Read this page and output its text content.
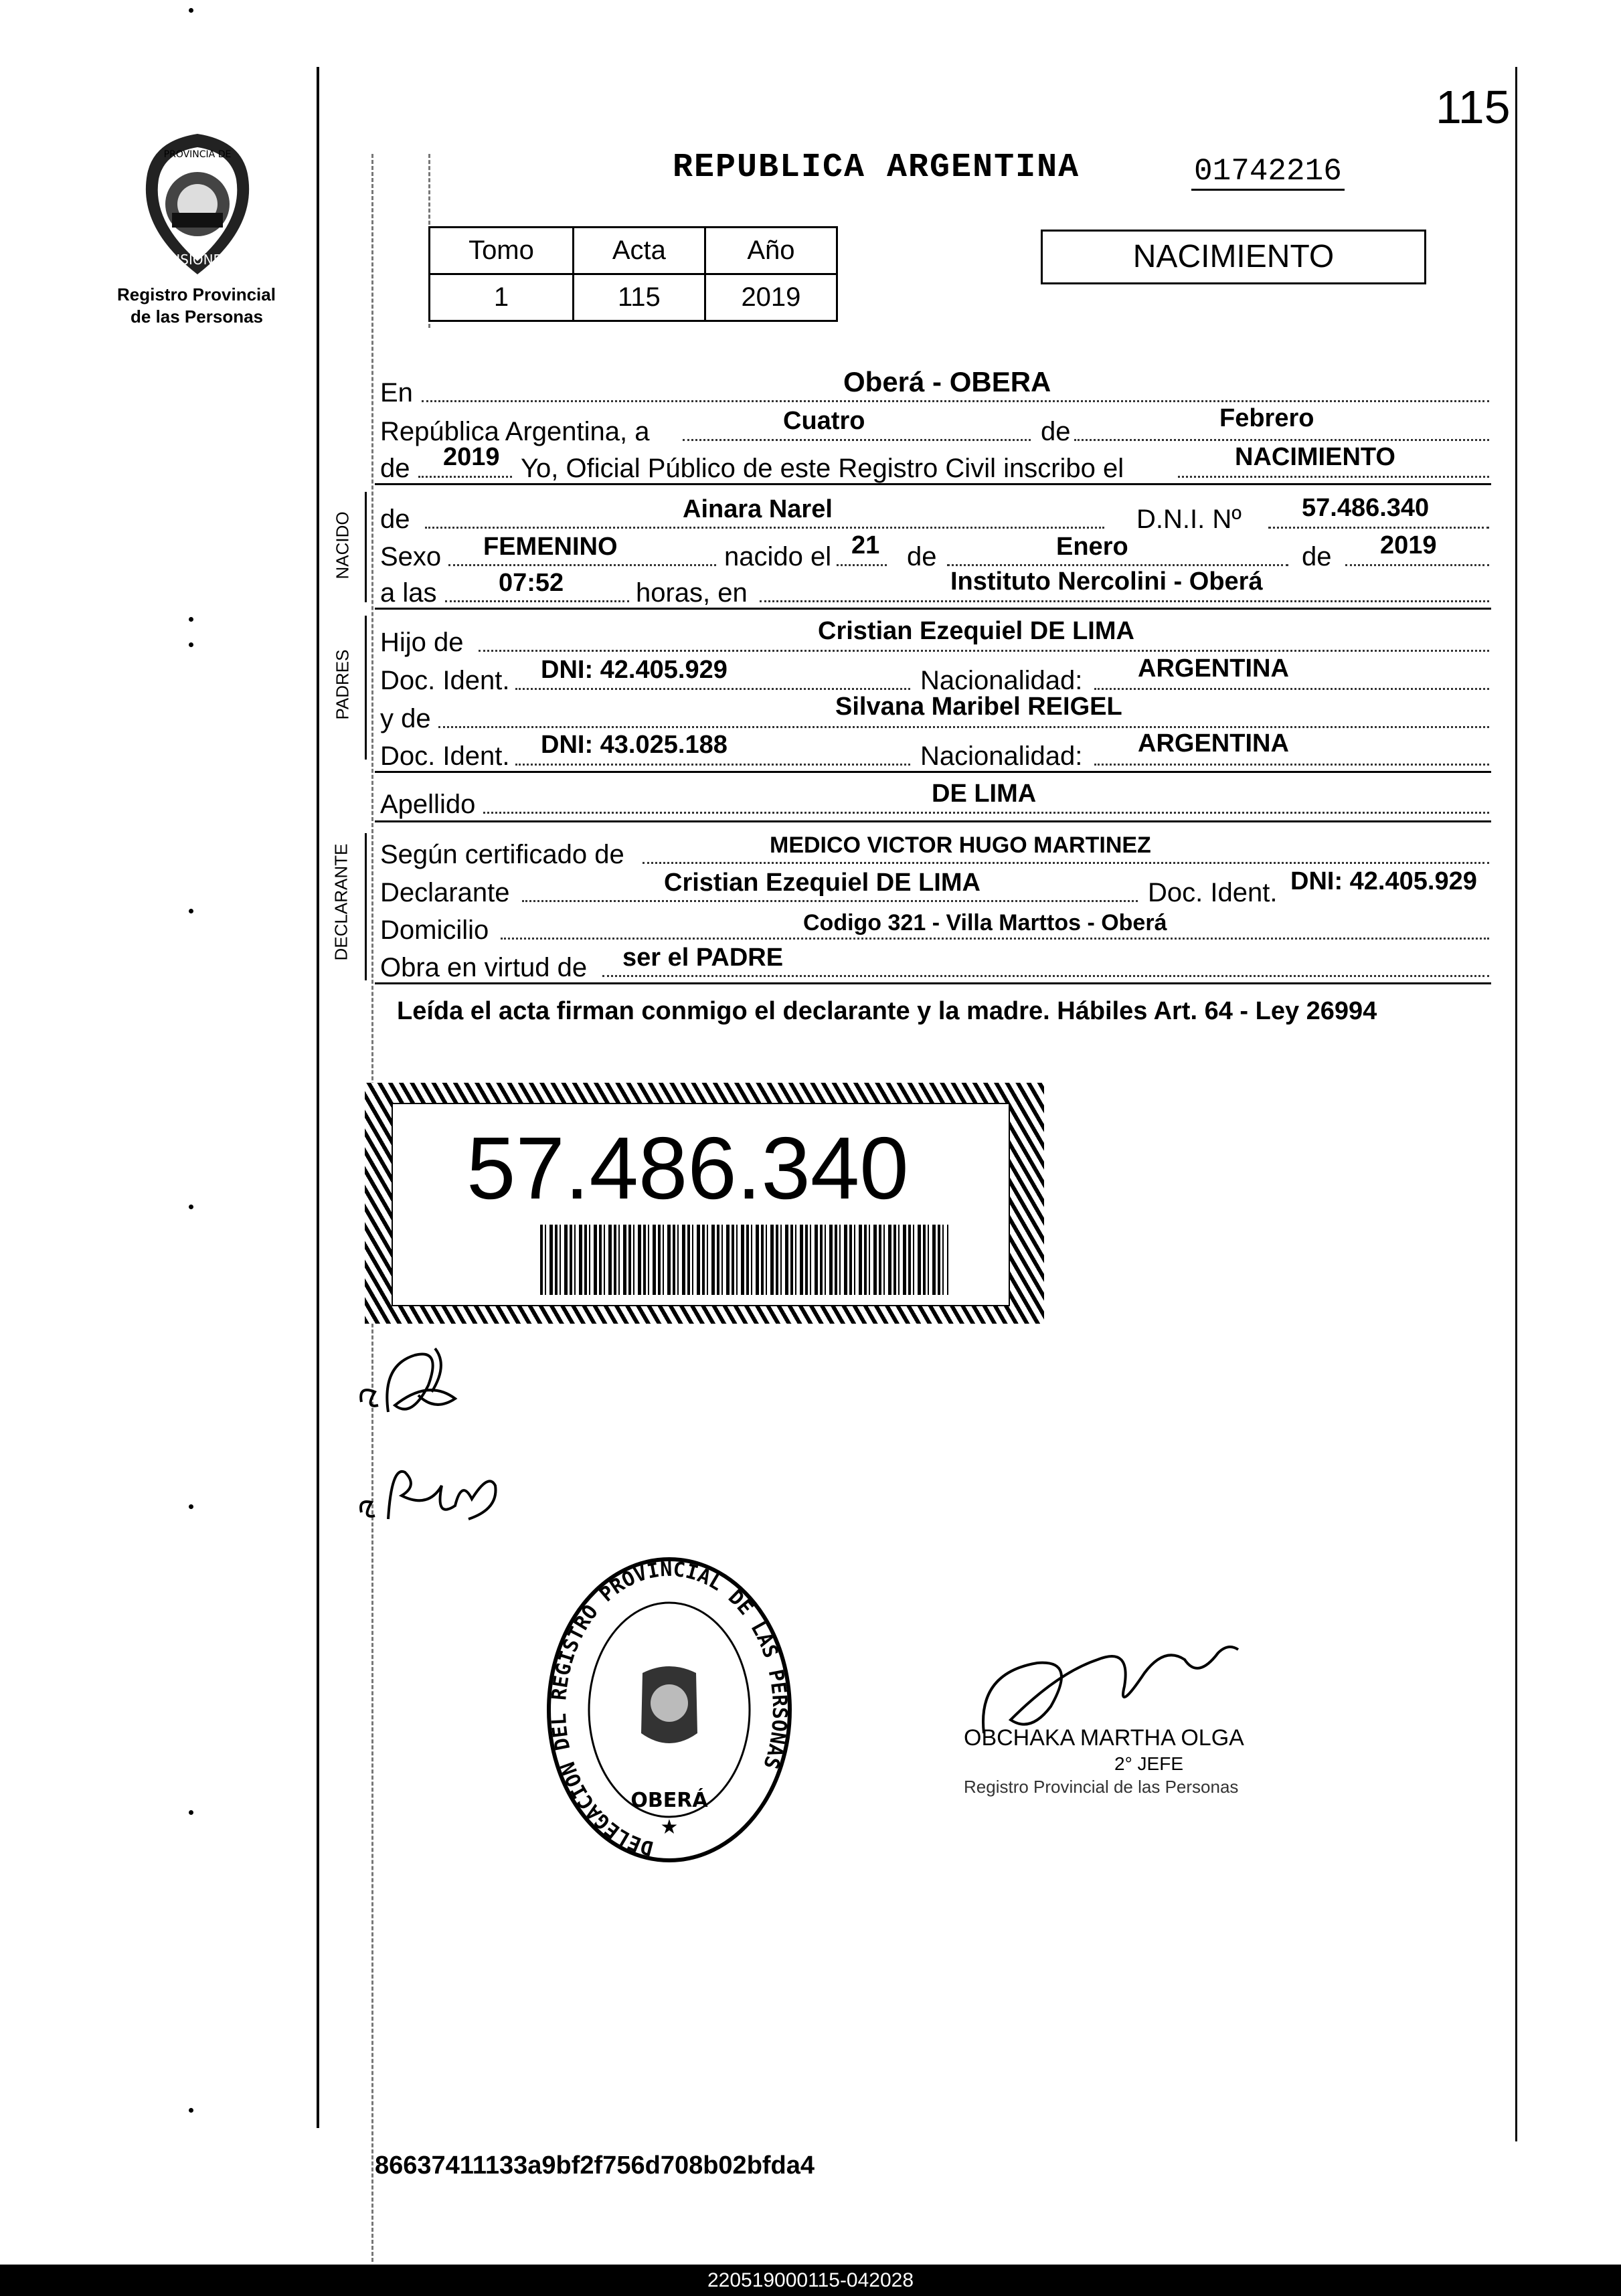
115
MISIONES
PROVINCIA DE
Registro Provincial
de las Personas
REPUBLICA ARGENTINA	01742216
Tomo	Acta	Año
1	115	2019
NACIMIENTO
En	Oberá - OBERA
República Argentina, a	Cuatro	de	Febrero
de 2019 Yo, Oficial Público de este Registro Civil inscribo el	NACIMIENTO
NACIDO de	Ainara Narel	D.N.I. Nº 57.486.340
Sexo FEMENINO	nacido el 21 de	Enero	de 2019
a las 07:52	horas, en	Instituto Nercolini - Oberá
PADRES
Hijo de	Cristian Ezequiel DE LIMA
Doc. Ident. DNI: 42.405.929	Nacionalidad: ARGENTINA
y de	Silvana Maribel REIGEL
Doc. Ident. DNI: 43.025.188	Nacionalidad: ARGENTINA
Apellido	DE LIMA
DECLARANTE Según certificado de	MEDICO VICTOR HUGO MARTINEZ
Declarante	Cristian Ezequiel DE LIMA	Doc. Ident. DNI: 42.405.929
Domicilio	Codigo 321 - Villa Marttos - Oberá
Obra en virtud de ser el PADRE
Leída el acta firman conmigo el declarante y la madre. Hábiles Art. 64 - Ley 26994
57.486.340
DELEGACION DEL REGISTRO PROVINCIAL DE LAS PERSONAS
OBERÁ
★
OBCHAKA MARTHA OLGA
2° JEFE
Registro Provincial de las Personas
86637411133a9bf2f756d708b02bfda4
220519000115-042028
